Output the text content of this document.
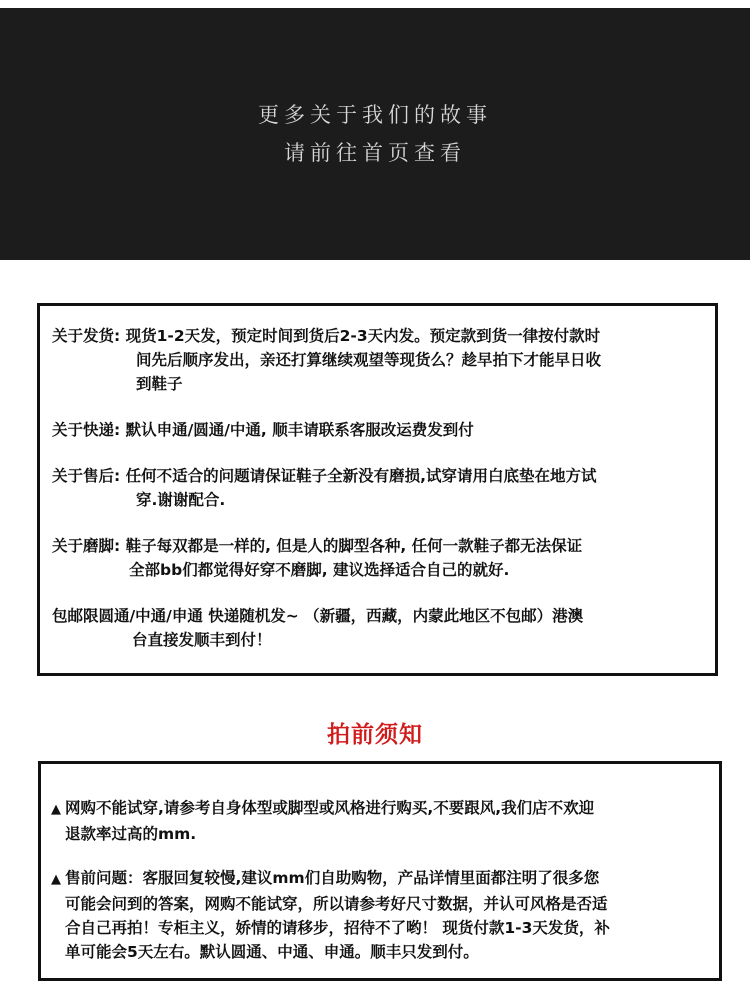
更多关于我们的故事
请前往首页查看
关于发货: 现货1-2天发，预定时间到货后2-3天内发。预定款到货一律按付款时
间先后顺序发出，亲还打算继续观望等现货么？趁早拍下才能早日收
到鞋子
关于快递: 默认申通/圆通/中通, 顺丰请联系客服改运费发到付
关于售后: 任何不适合的问题请保证鞋子全新没有磨损,试穿请用白底垫在地方试
穿.谢谢配合.
关于磨脚: 鞋子每双都是一样的, 但是人的脚型各种, 任何一款鞋子都无法保证
全部bb们都觉得好穿不磨脚, 建议选择适合自己的就好.
包邮限圆通/中通/申通 快递随机发~ （新疆，西藏，内蒙此地区不包邮）港澳
台直接发顺丰到付！
拍前须知
▲ 网购不能试穿,请参考自身体型或脚型或风格进行购买,不要跟风,我们店不欢迎
退款率过高的mm.
▲ 售前问题：客服回复较慢,建议mm们自助购物，产品详情里面都注明了很多您
可能会问到的答案，网购不能试穿，所以请参考好尺寸数据，并认可风格是否适
合自己再拍！专柜主义，娇情的请移步，招待不了哟！ 现货付款1-3天发货，补
单可能会5天左右。默认圆通、中通、申通。顺丰只发到付。
